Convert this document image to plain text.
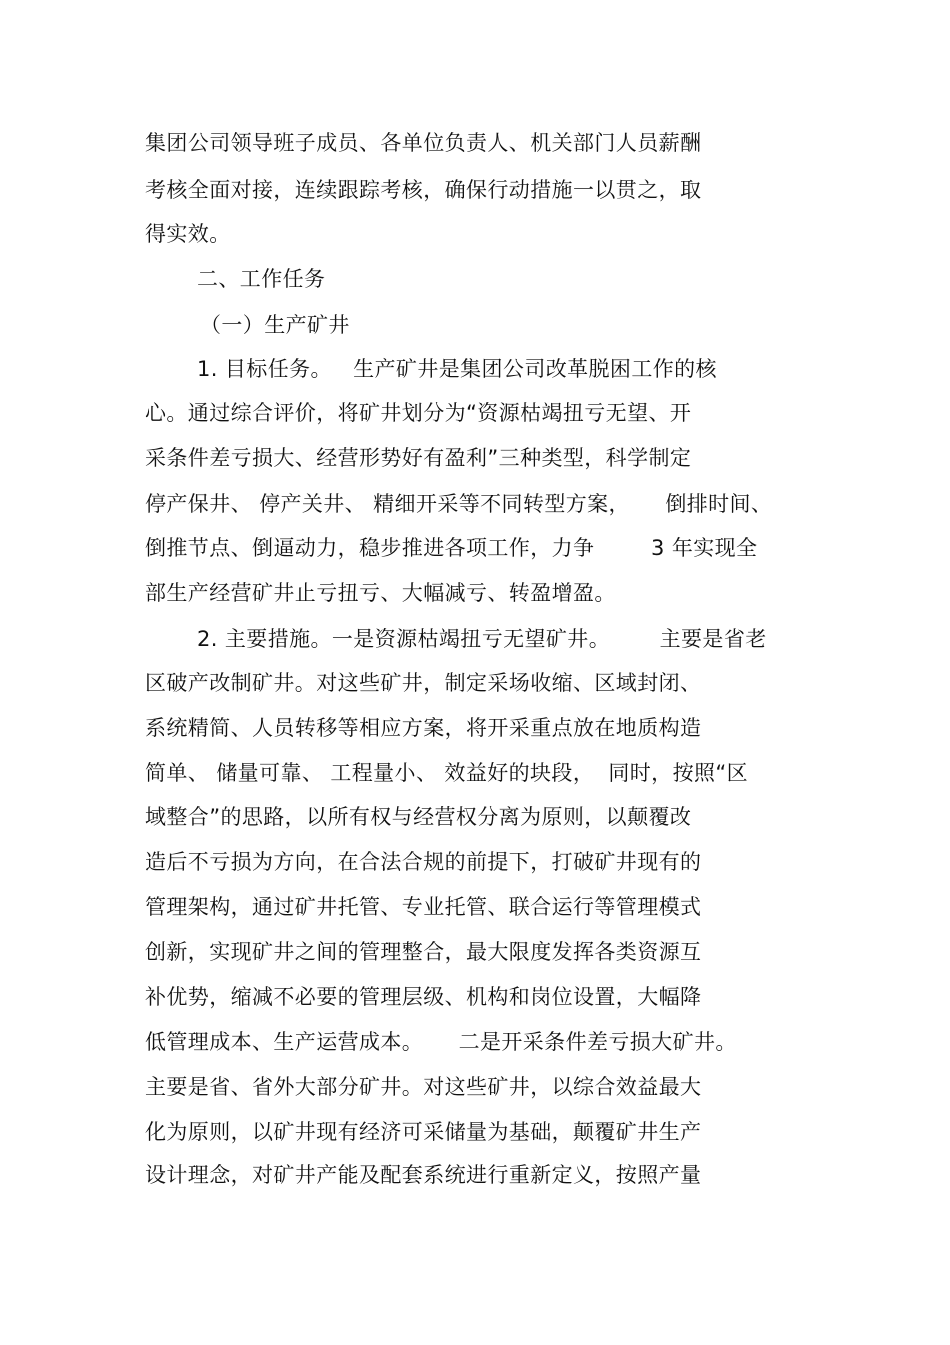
集团公司领导班子成员、各单位负责人、机关部门人员薪酬
考核全面对接，连续跟踪考核，确保行动措施一以贯之，取
得实效。
二、工作任务
（一）生产矿井
1. 目标任务。   生产矿井是集团公司改革脱困工作的核
心。通过综合评价，将矿井划分为“资源枯竭扭亏无望、开
采条件差亏损大、经营形势好有盈利”三种类型，科学制定
停产保井、 停产关井、 精细开采等不同转型方案，     倒排时间、
倒推节点、倒逼动力，稳步推进各项工作，力争        3 年实现全
部生产经营矿井止亏扭亏、大幅减亏、转盈增盈。
2. 主要措施。一是资源枯竭扭亏无望矿井。       主要是省老
区破产改制矿井。对这些矿井，制定采场收缩、区域封闭、
系统精简、人员转移等相应方案，将开采重点放在地质构造
简单、 储量可靠、 工程量小、 效益好的块段，  同时，按照“区
域整合”的思路，以所有权与经营权分离为原则，以颠覆改
造后不亏损为方向，在合法合规的前提下，打破矿井现有的
管理架构，通过矿井托管、专业托管、联合运行等管理模式
创新，实现矿井之间的管理整合，最大限度发挥各类资源互
补优势，缩减不必要的管理层级、机构和岗位设置，大幅降
低管理成本、生产运营成本。     二是开采条件差亏损大矿井。
主要是省、省外大部分矿井。对这些矿井，以综合效益最大
化为原则，以矿井现有经济可采储量为基础，颠覆矿井生产
设计理念，对矿井产能及配套系统进行重新定义，按照产量
